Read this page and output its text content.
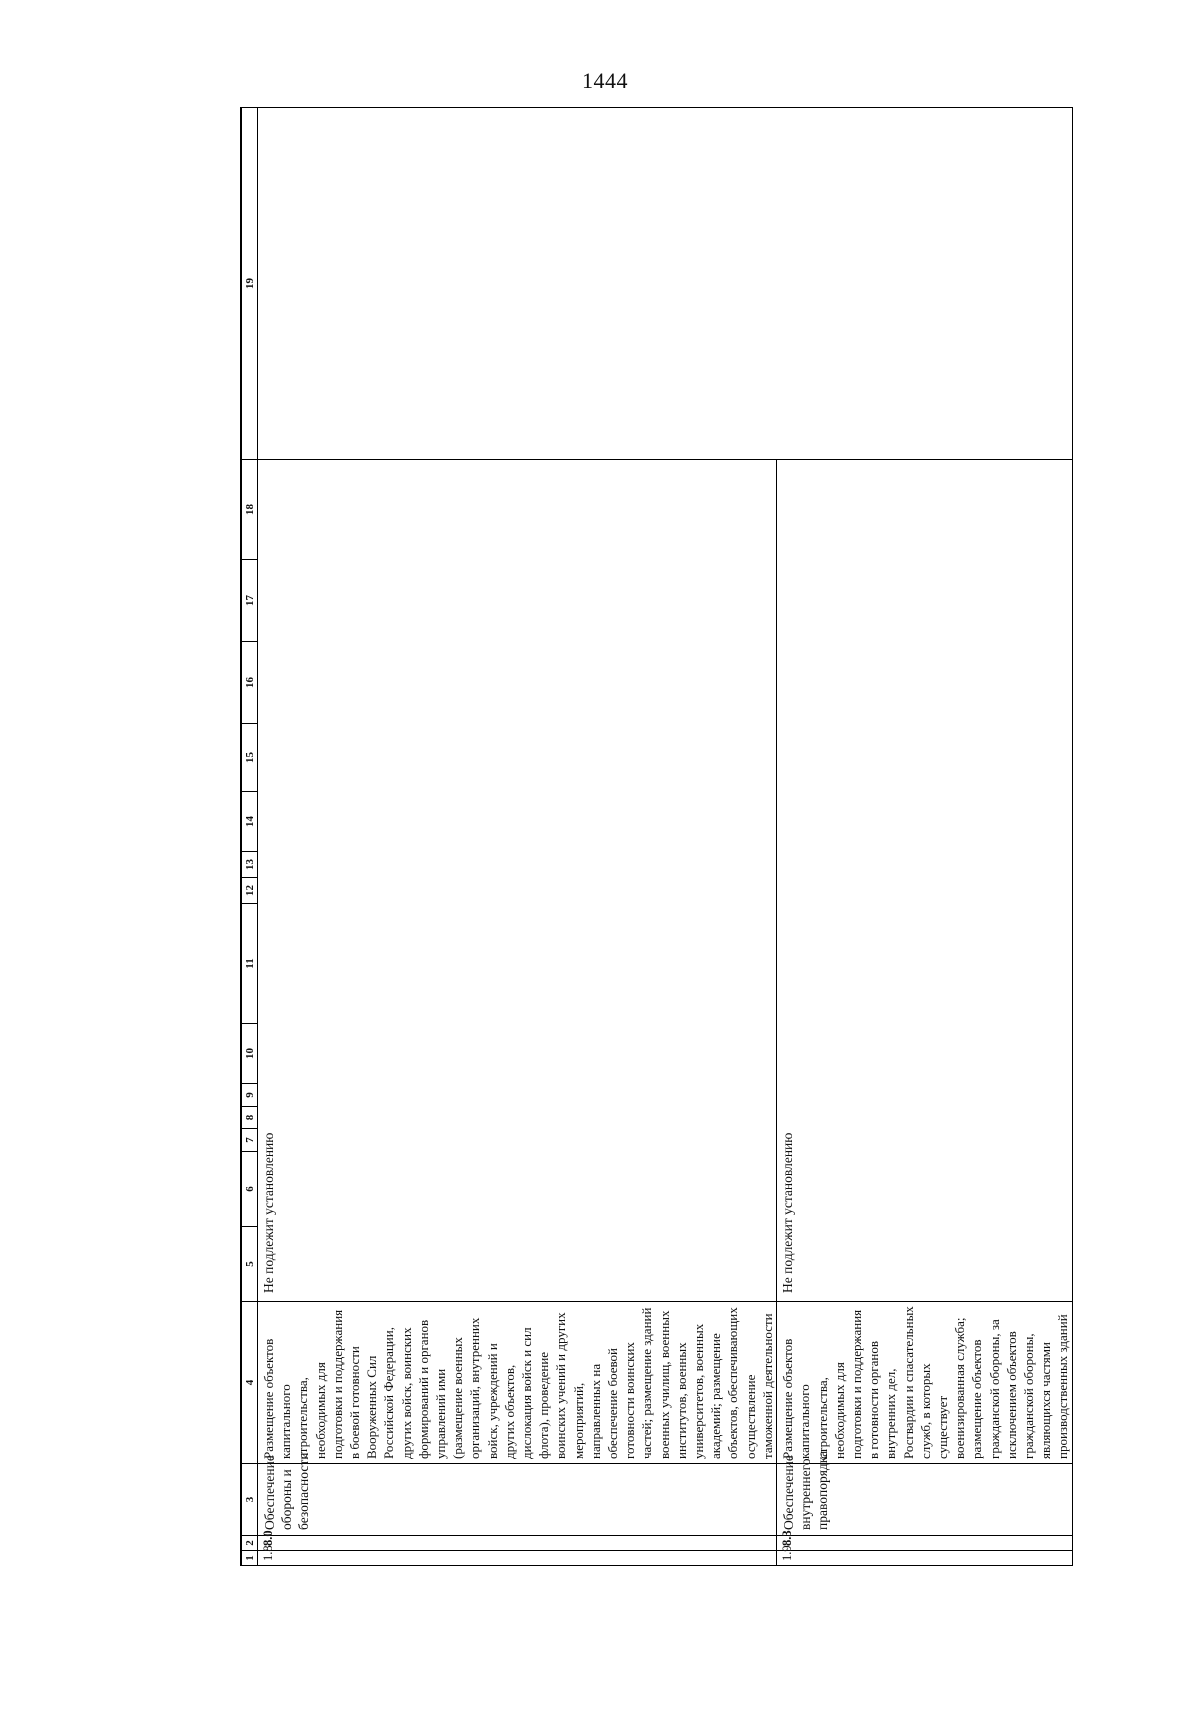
1444
1	2	3	4	5	6	7	8	9	10	11	12	13	14	15	16	17	18	19
1.8	8.0	Обеспечение обороны и безопасности	Размещение объектов капитального строительства, необходимых для подготовки и поддержания в боевой готовности Вооруженных Сил Российской Федерации, других войск, воинских формирований и органов управлений ими (размещение военных организаций, внутренних войск, учреждений и других объектов, дислокация войск и сил флота), проведение воинских учений и других мероприятий, направленных на обеспечение боевой готовности воинских частей; размещение зданий военных училищ, военных институтов, военных университетов, военных академий; размещение объектов, обеспечивающих осуществление таможенной деятельности	Не подлежит установлению														
1.9	8.3	Обеспечение внутреннего правопорядка	Размещение объектов капитального строительства, необходимых для подготовки и поддержания в готовности органов внутренних дел, Росгвардии и спасательных служб, в которых существует военизированная служба; размещение объектов гражданской обороны, за исключением объектов гражданской обороны, являющихся частями производственных зданий	Не подлежит установлению														
